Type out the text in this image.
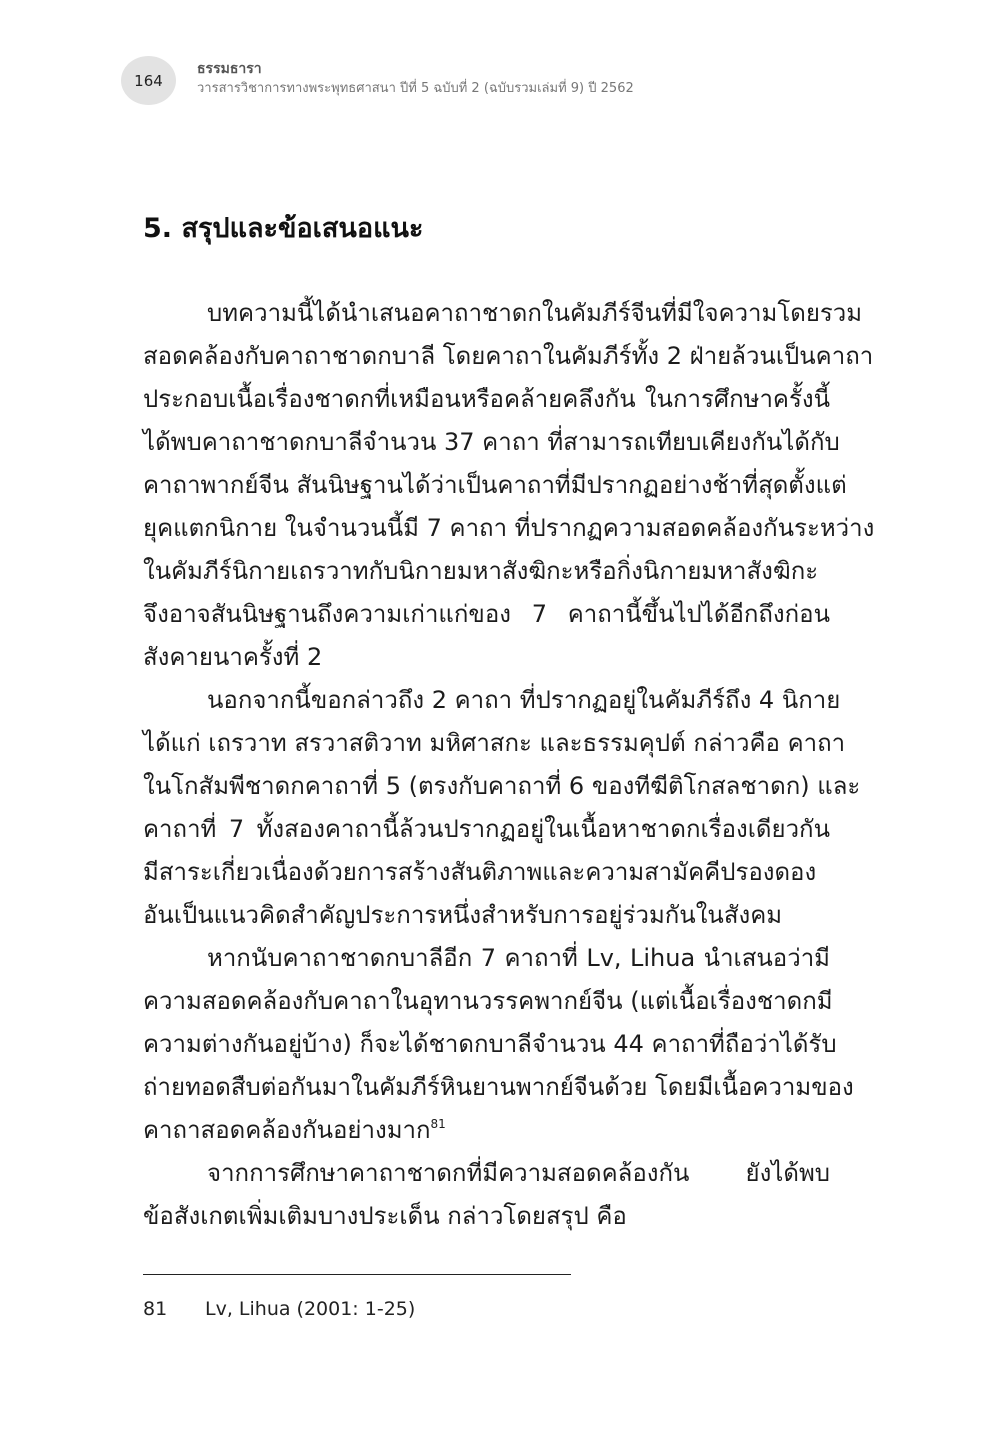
164
ธรรมธารา
วารสารวิชาการทางพระพุทธศาสนา ปีที่ 5 ฉบับที่ 2 (ฉบับรวมเล่มที่ 9) ปี 2562
5. สรุปและข้อเสนอแนะ
บทความนี้ได้นำเสนอคาถาชาดกในคัมภีร์จีนที่มีใจความโดยรวม
สอดคล้องกับคาถาชาดกบาลี โดยคาถาในคัมภีร์ทั้ง 2 ฝ่ายล้วนเป็นคาถา
ประกอบเนื้อเรื่องชาดกที่เหมือนหรือคล้ายคลึงกัน ในการศึกษาครั้งนี้
ได้พบคาถาชาดกบาลีจำนวน 37 คาถา ที่สามารถเทียบเคียงกันได้กับ
คาถาพากย์จีน สันนิษฐานได้ว่าเป็นคาถาที่มีปรากฏอย่างช้าที่สุดตั้งแต่
ยุคแตกนิกาย ในจำนวนนี้มี 7 คาถา ที่ปรากฏความสอดคล้องกันระหว่าง
ในคัมภีร์นิกายเถรวาทกับนิกายมหาสังฆิกะหรือกิ่งนิกายมหาสังฆิกะ
จึงอาจสันนิษฐานถึงความเก่าแก่ของ 7 คาถานี้ขึ้นไปได้อีกถึงก่อน
สังคายนาครั้งที่ 2
นอกจากนี้ขอกล่าวถึง 2 คาถา ที่ปรากฏอยู่ในคัมภีร์ถึง 4 นิกาย
ได้แก่ เถรวาท สรวาสติวาท มหิศาสกะ และธรรมคุปต์ กล่าวคือ คาถา
ในโกสัมพีชาดกคาถาที่ 5 (ตรงกับคาถาที่ 6 ของทีฆีติโกสลชาดก) และ
คาถาที่ 7 ทั้งสองคาถานี้ล้วนปรากฏอยู่ในเนื้อหาชาดกเรื่องเดียวกัน
มีสาระเกี่ยวเนื่องด้วยการสร้างสันติภาพและความสามัคคีปรองดอง
อันเป็นแนวคิดสำคัญประการหนึ่งสำหรับการอยู่ร่วมกันในสังคม
หากนับคาถาชาดกบาลีอีก 7 คาถาที่ Lv, Lihua นำเสนอว่ามี
ความสอดคล้องกับคาถาในอุทานวรรคพากย์จีน (แต่เนื้อเรื่องชาดกมี
ความต่างกันอยู่บ้าง) ก็จะได้ชาดกบาลีจำนวน 44 คาถาที่ถือว่าได้รับ
ถ่ายทอดสืบต่อกันมาในคัมภีร์หินยานพากย์จีนด้วย โดยมีเนื้อความของ
คาถาสอดคล้องกันอย่างมาก$^{81}$
จากการศึกษาคาถาชาดกที่มีความสอดคล้องกัน ยังได้พบ
ข้อสังเกตเพิ่มเติมบางประเด็น กล่าวโดยสรุป คือ
81 Lv, Lihua (2001: 1-25)
